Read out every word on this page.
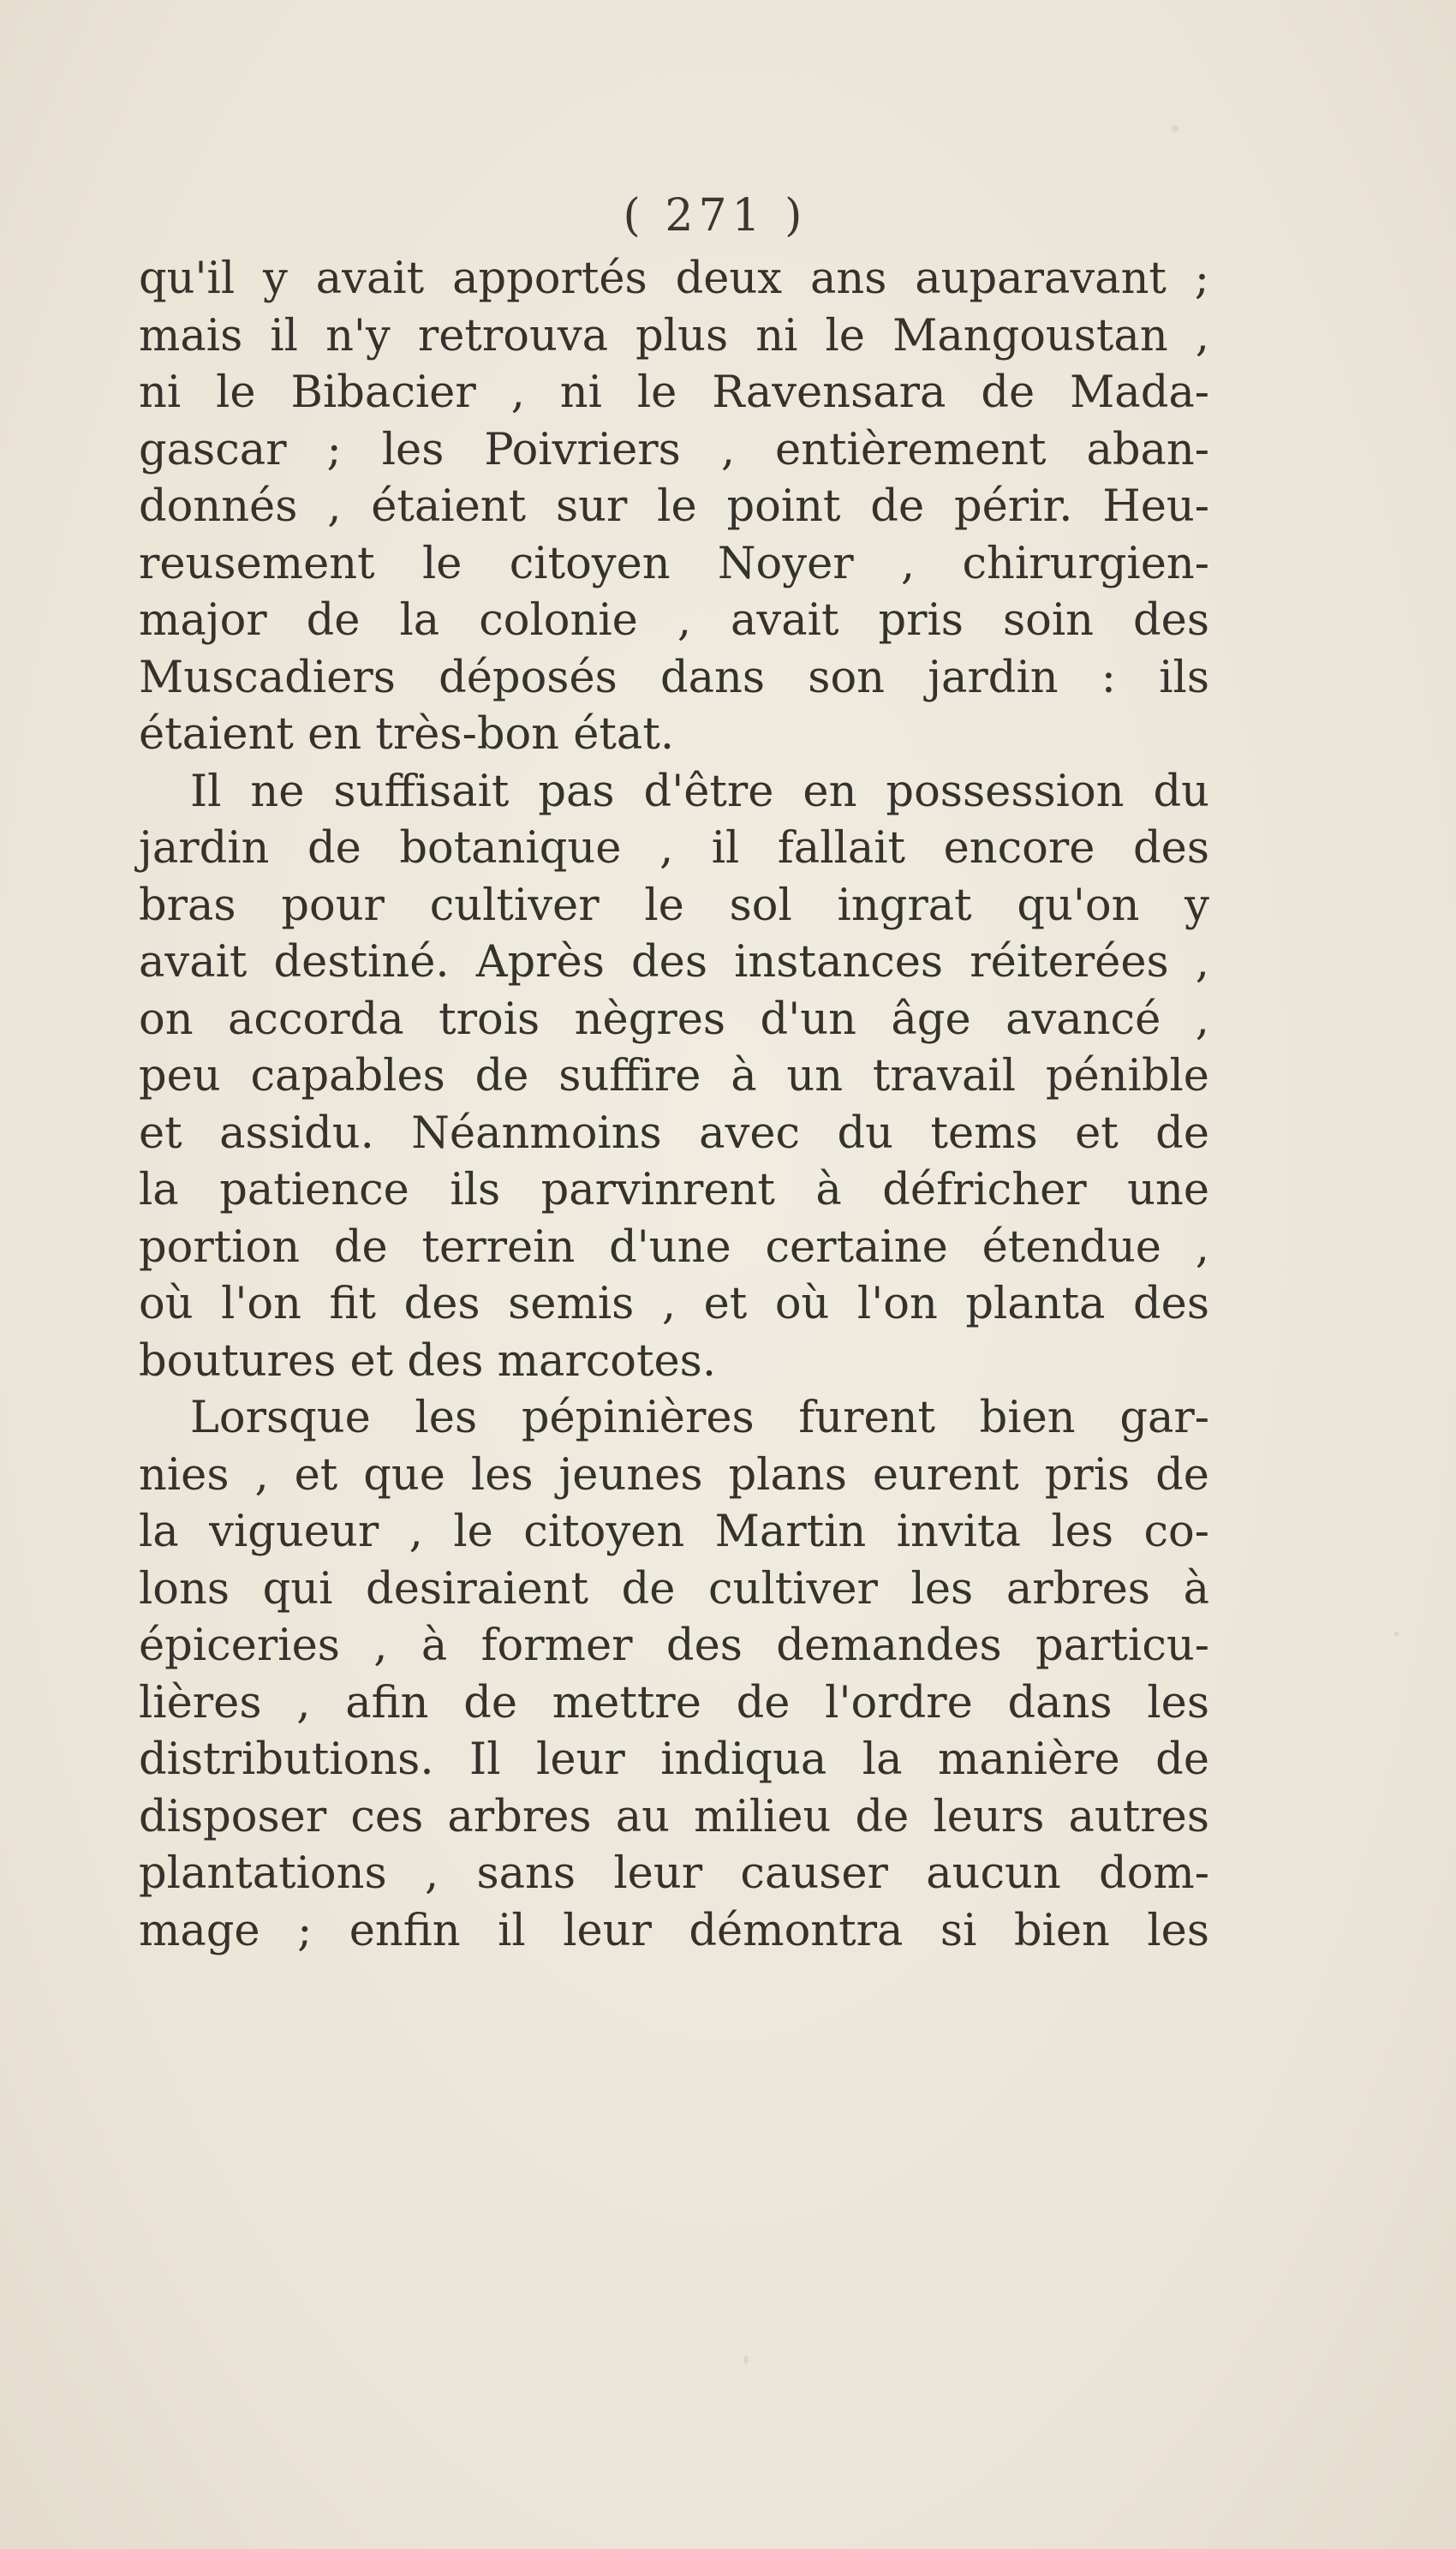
( 271 )
qu'il y avait apportés deux ans auparavant ;
mais il n'y retrouva plus ni le Mangoustan ,
ni le Bibacier , ni le Ravensara de Mada-
gascar ; les Poivriers , entièrement aban-
donnés , étaient sur le point de périr. Heu-
reusement le citoyen Noyer , chirurgien-
major de la colonie , avait pris soin des
Muscadiers déposés dans son jardin : ils
étaient en très-bon état.
Il ne suffisait pas d'être en possession du
jardin de botanique , il fallait encore des
bras pour cultiver le sol ingrat qu'on y
avait destiné. Après des instances réiterées ,
on accorda trois nègres d'un âge avancé ,
peu capables de suffire à un travail pénible
et assidu. Néanmoins avec du tems et de
la patience ils parvinrent à défricher une
portion de terrein d'une certaine étendue ,
où l'on fit des semis , et où l'on planta des
boutures et des marcotes.
Lorsque les pépinières furent bien gar-
nies , et que les jeunes plans eurent pris de
la vigueur , le citoyen Martin invita les co-
lons qui desiraient de cultiver les arbres à
épiceries , à former des demandes particu-
lières , afin de mettre de l'ordre dans les
distributions. Il leur indiqua la manière de
disposer ces arbres au milieu de leurs autres
plantations , sans leur causer aucun dom-
mage ; enfin il leur démontra si bien les
